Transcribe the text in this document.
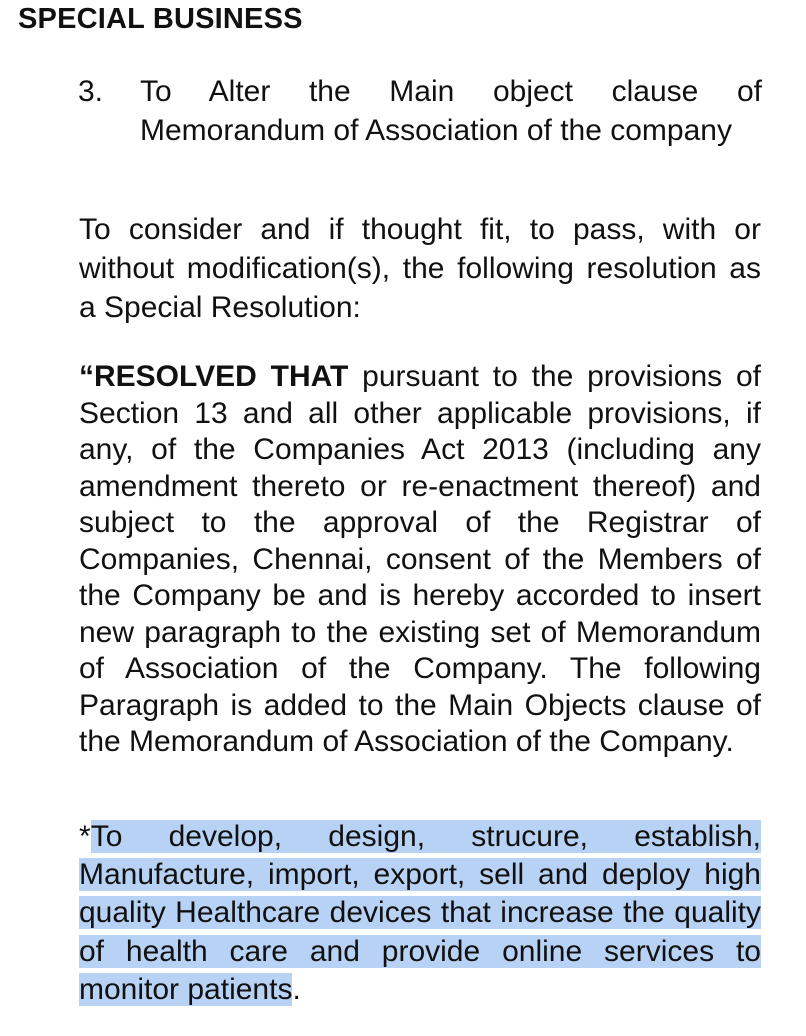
SPECIAL BUSINESS
3. To Alter the Main object clause of Memorandum of Association of the company
To consider and if thought fit, to pass, with or without modification(s), the following resolution as a Special Resolution:
“RESOLVED THAT pursuant to the provisions of Section 13 and all other applicable provisions, if any, of the Companies Act 2013 (including any amendment thereto or re-enactment thereof) and subject to the approval of the Registrar of Companies, Chennai, consent of the Members of the Company be and is hereby accorded to insert new paragraph to the existing set of Memorandum of Association of the Company. The following Paragraph is added to the Main Objects clause of the Memorandum of Association of the Company.
*To develop, design, strucure, establish, Manufacture, import, export, sell and deploy high quality Healthcare devices that increase the quality of health care and provide online services to monitor patients.
